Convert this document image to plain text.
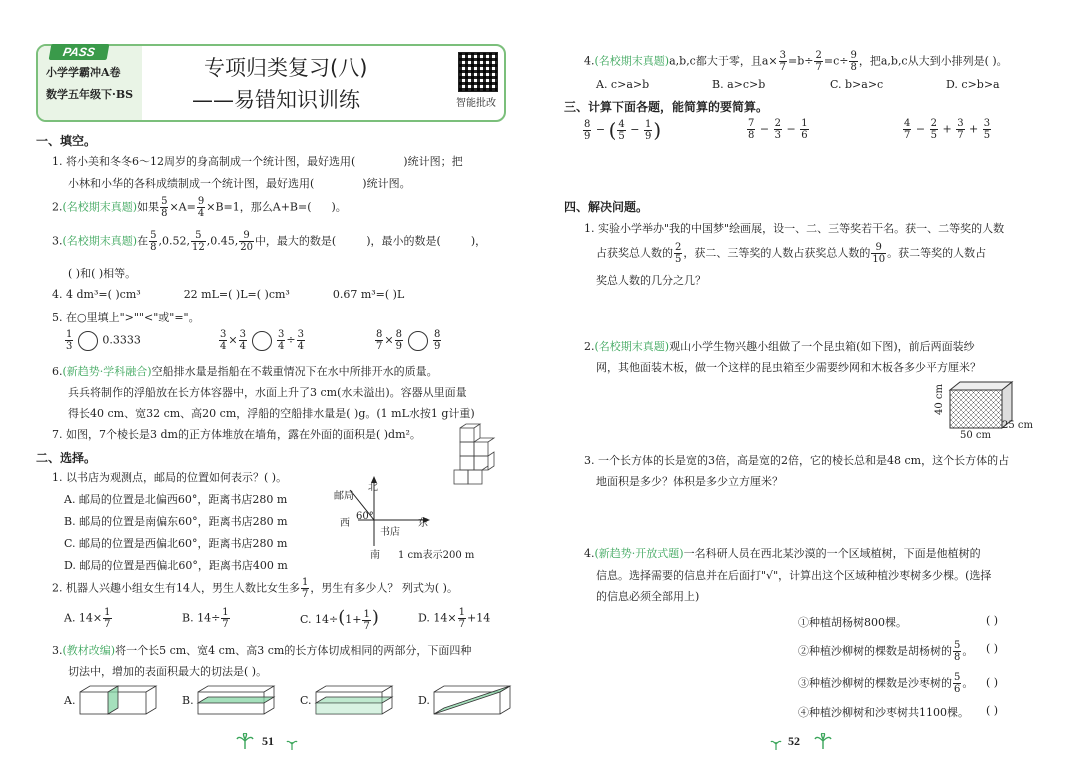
PASS
小学学霸冲A卷
数学五年级下·BS
专项归类复习(八)
——易错知识训练	智能批改
一、填空。
1. 将小美和冬冬6～12周岁的身高制成一个统计图，最好选用(	)统计图；把
小林和小华的各科成绩制成一个统计图，最好选用(	)统计图。
2.(名校期末真题)如果 $\frac{5}{8} \times A= \frac{9}{4} \times B=1$，那么A+B=( )。
3.(名校期末真题)在 $\frac{5}{8} ,0.52$, $\frac{5}{12} ,0.45$, $\frac{9}{20}$ 中，最大的数是(	)，最小的数是(	)，
( )和( )相等。
4. 4 dm³=( )cm³	22 mL=( )L=( )cm³	0.67 m³=( )L
5. 在○里填上">""<"或"="。
$\frac{1}{3}$	0.3333	$\frac{3}{4} \times \frac{3}{4}$	$\frac{3}{4} \div \frac{3}{4}$	$\frac{8}{7} \times \frac{8}{9}$	$\frac{8}{9}$
6.(新趋势·学科融合)空船排水量是指船在不载重情况下在水中所排开水的质量。
兵兵将制作的浮船放在长方体容器中，水面上升了3 cm(水未溢出)。容器从里面量
得长40 cm、宽32 cm、高20 cm，浮船的空船排水量是( )g。(1 mL水按1 g计重)
7. 如图，7个棱长是3 dm的正方体堆放在墙角，露在外面的面积是( )dm²。
二、选择。
1. 以书店为观测点，邮局的位置如何表示？( )。
A. 邮局的位置是北偏西60°，距离书店280 m
B. 邮局的位置是南偏东60°，距离书店280 m
C. 邮局的位置是西偏北60°，距离书店280 m
D. 邮局的位置是西偏北60°，距离书店400 m
北
邮局
西
60°
东
书店
南 1 cm表示200 m
2. 机器人兴趣小组女生有14人，男生人数比女生多 $\frac{1}{7}$ ，男生有多少人？ 列式为( )。
A. $14\times \frac{1}{7}$	B. $14\div \frac{1}{7}$	C. $14\div(1+ \frac{1}{7}$ )	D. $14\times \frac{1}{7} +14$
3.(教材改编)将一个长5 cm、宽4 cm、高3 cm的长方体切成相同的两部分，下面四种
切法中，增加的表面积最大的切法是( )。
A.	B.	C.	D.
51
4.(名校期末真题)a,b,c都大于零，且$a\times \frac{3}{7} =b\div \frac{2}{7} =c\div \frac{9}{8}$ ，把a,b,c从大到小排列是( )。
A. c>a>b	B. a>c>b	C. b>a>c	D. c>b>a
三、计算下面各题，能简算的要简算。
$\frac{8}{9}$ − ( $\frac{4}{5} - \frac{1}{9}$ )	$\frac{7}{8} - \frac{2}{3} - \frac{1}{6}$	$\frac{4}{7} - \frac{2}{5} + \frac{3}{7} + \frac{3}{5}$
四、解决问题。
1. 实验小学举办"我的中国梦"绘画展，设一、二、三等奖若干名。获一、二等奖的人数
占获奖总人数的 $\frac{2}{5}$ ，获二、三等奖的人数占获奖总人数的 $\frac{9}{10}$ 。获二等奖的人数占
奖总人数的几分之几？
2.(名校期末真题)观山小学生物兴趣小组做了一个昆虫箱(如下图)，前后两面装纱
网，其他面装木板，做一个这样的昆虫箱至少需要纱网和木板各多少平方厘米？
40 cm
50 cm
25 cm
3. 一个长方体的长是宽的3倍，高是宽的2倍，它的棱长总和是48 cm，这个长方体的占
地面积是多少？体积是多少立方厘米？
4.(新趋势·开放式题)一名科研人员在西北某沙漠的一个区域植树，下面是他植树的
信息。选择需要的信息并在后面打"√"，计算出这个区域种植沙枣树多少棵。(选择
的信息必须全部用上)
①种植胡杨树800棵。	( )
②种植沙柳树的棵数是胡杨树的 $\frac{5}{8}$ 。 ( )
③种植沙柳树的棵数是沙枣树的 $\frac{5}{6}$ 。 ( )
④种植沙柳树和沙枣树共1100棵。 ( )
52
